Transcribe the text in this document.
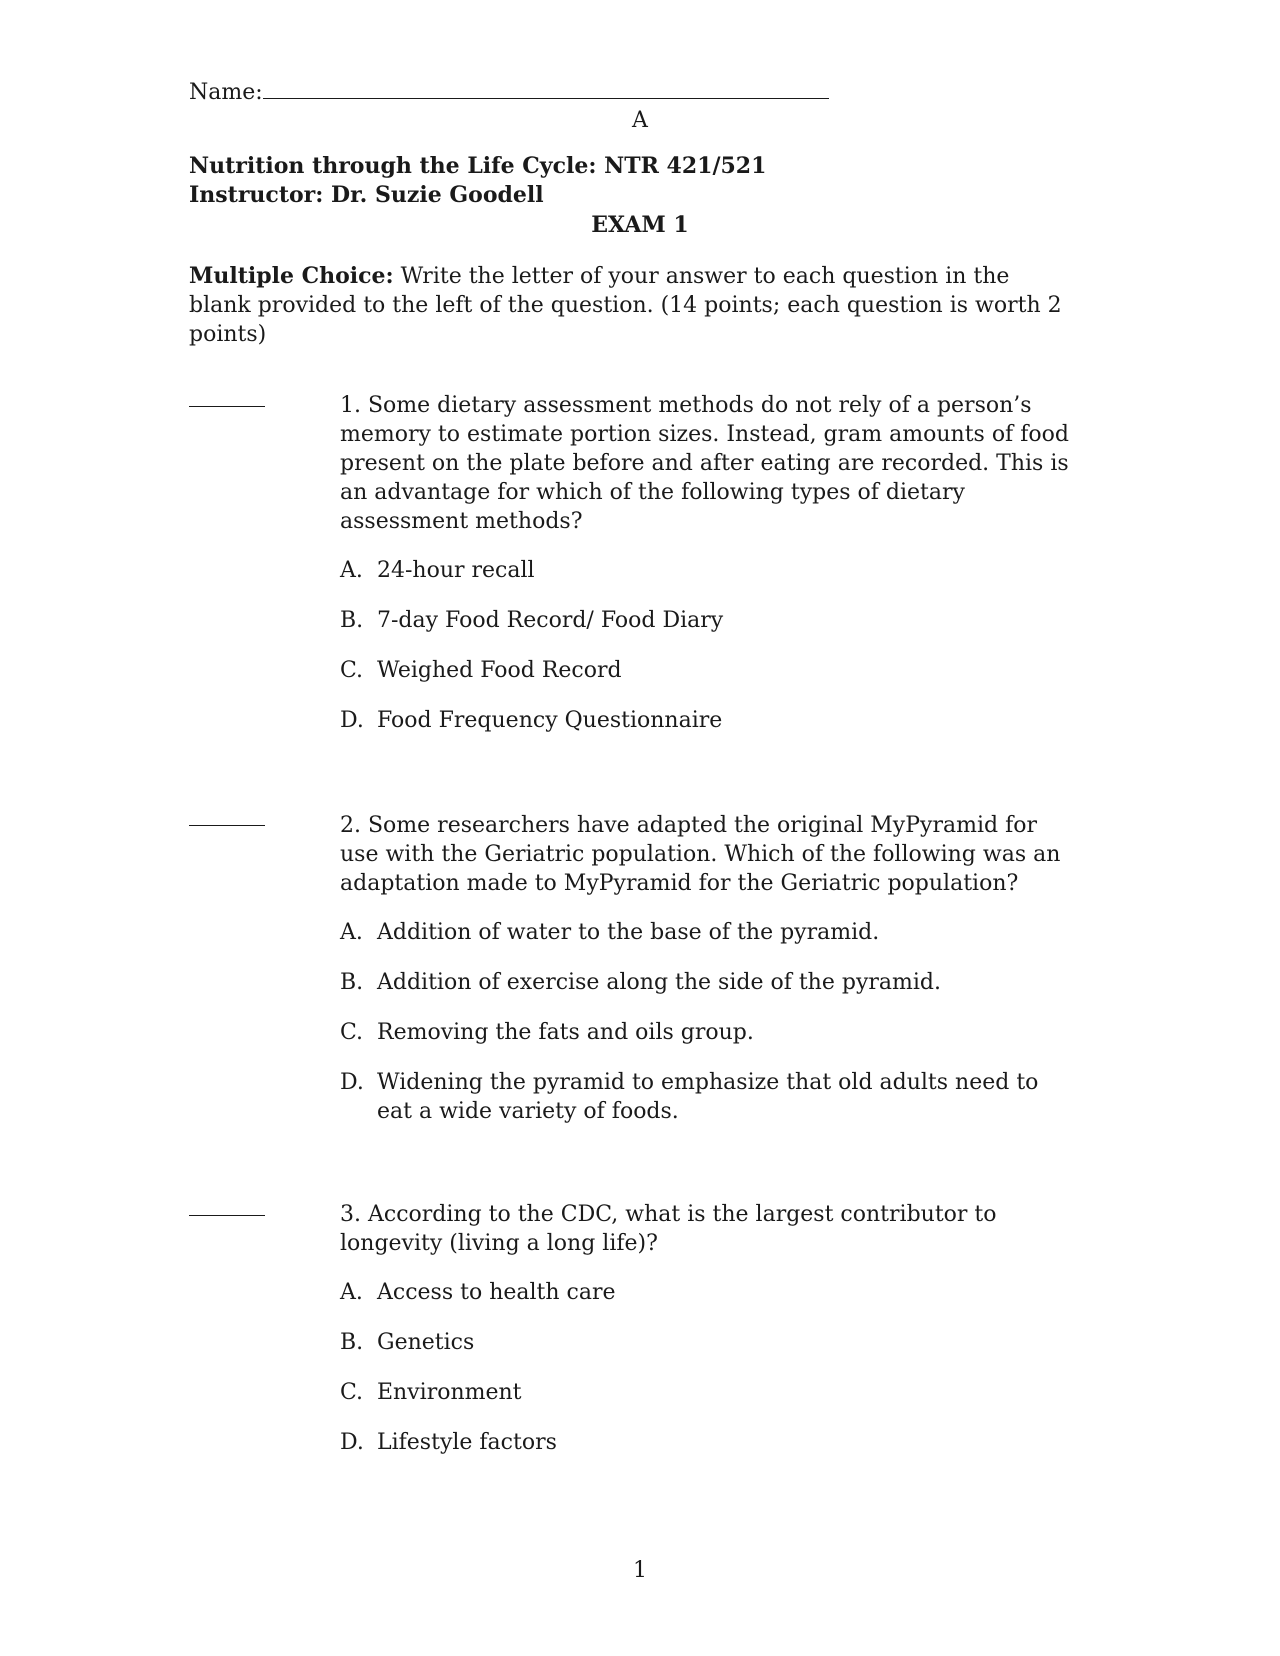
Name:
A
Nutrition through the Life Cycle: NTR 421/521
Instructor: Dr. Suzie Goodell
EXAM 1
Multiple Choice: Write the letter of your answer to each question in the blank provided to the left of the question. (14 points; each question is worth 2 points)
1. Some dietary assessment methods do not rely of a person’s memory to estimate portion sizes. Instead, gram amounts of food present on the plate before and after eating are recorded. This is an advantage for which of the following types of dietary assessment methods?
A. 24-hour recall
B. 7-day Food Record/ Food Diary
C. Weighed Food Record
D. Food Frequency Questionnaire
2. Some researchers have adapted the original MyPyramid for use with the Geriatric population. Which of the following was an adaptation made to MyPyramid for the Geriatric population?
A. Addition of water to the base of the pyramid.
B. Addition of exercise along the side of the pyramid.
C. Removing the fats and oils group.
D. Widening the pyramid to emphasize that old adults need to eat a wide variety of foods.
3. According to the CDC, what is the largest contributor to longevity (living a long life)?
A. Access to health care
B. Genetics
C. Environment
D. Lifestyle factors
1
